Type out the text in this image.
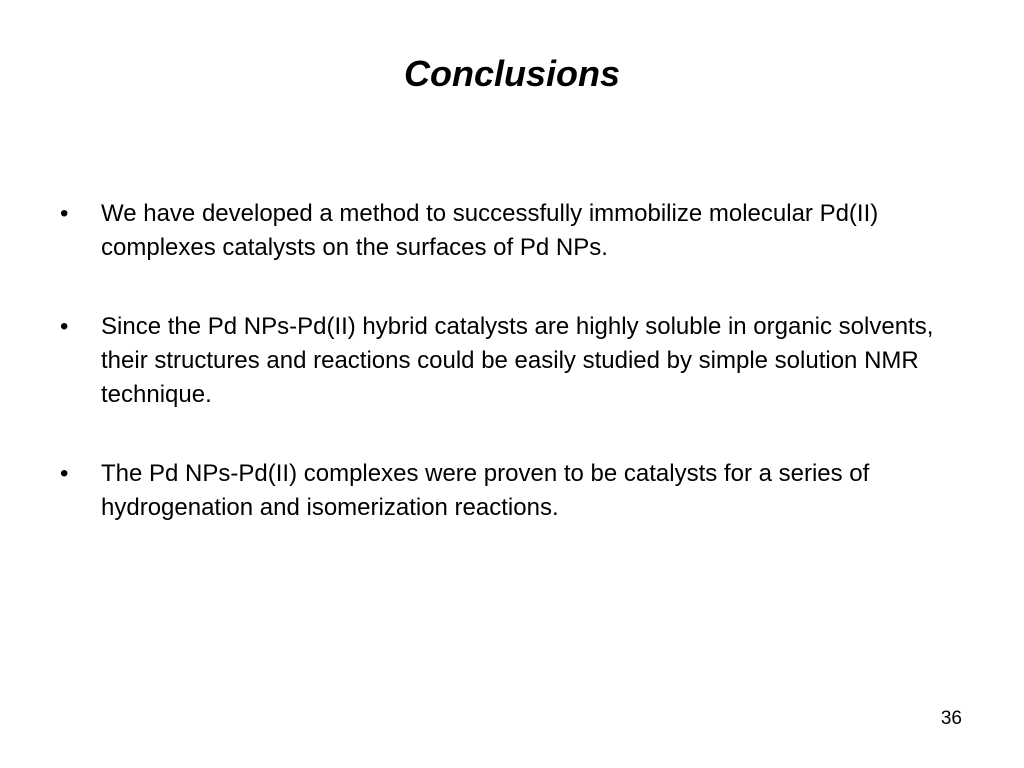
Conclusions
•	We have developed a method to successfully immobilize molecular Pd(II) complexes catalysts on the surfaces of Pd NPs.
•	Since the Pd NPs-Pd(II) hybrid catalysts are highly soluble in organic solvents, their structures and reactions could be easily studied by simple solution NMR technique.
•	The Pd NPs-Pd(II) complexes were proven to be catalysts for a series of hydrogenation and isomerization reactions.
36
